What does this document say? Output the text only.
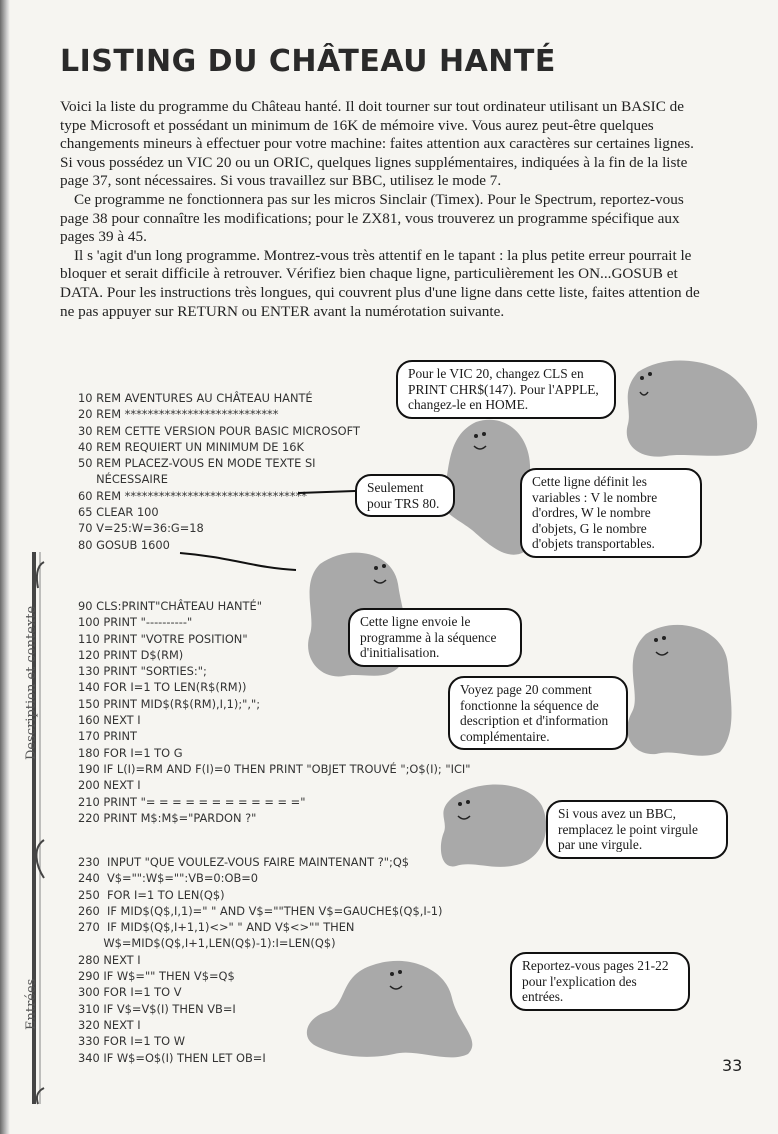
LISTING DU CHÂTEAU HANTÉ

Voici la liste du programme du Château hanté. Il doit tourner sur tout ordinateur utilisant un BASIC de type Microsoft et possédant un minimum de 16K de mémoire vive. Vous aurez peut-être quelques changements mineurs à effectuer pour votre machine: faites attention aux caractères sur certaines lignes. Si vous possédez un VIC 20 ou un ORIC, quelques lignes supplémentaires, indiquées à la fin de la liste page 37, sont nécessaires. Si vous travaillez sur BBC, utilisez le mode 7.

Ce programme ne fonctionnera pas sur les micros Sinclair (Timex). Pour le Spectrum, reportez-vous page 38 pour connaître les modifications; pour le ZX81, vous trouverez un programme spécifique aux pages 39 à 45.

Il s 'agit d'un long programme. Montrez-vous très attentif en le tapant : la plus petite erreur pourrait le bloquer et serait difficile à retrouver. Vérifiez bien chaque ligne, particulièrement les ON...GOSUB et DATA. Pour les instructions très longues, qui couvrent plus d'une ligne dans cette liste, faites attention de ne pas appuyer sur RETURN ou ENTER avant la numérotation suivante.

Description et contexte
Entrées
10 REM AVENTURES AU CHÂTEAU HANTÉ
20 REM ***************************
30 REM CETTE VERSION POUR BASIC MICROSOFT
40 REM REQUIERT UN MINIMUM DE 16K
50 REM PLACEZ-VOUS EN MODE TEXTE SI
NÉCESSAIRE
60 REM ********************************
65 CLEAR 100
70 V=25:W=36:G=18
80 GOSUB 1600
90 CLS:PRINT"CHÂTEAU HANTÉ"
100 PRINT "----------"
110 PRINT "VOTRE POSITION"
120 PRINT D$(RM)
130 PRINT "SORTIES:";
140 FOR I=1 TO LEN(R$(RM))
150 PRINT MID$(R$(RM),I,1);",";
160 NEXT I
170 PRINT
180 FOR I=1 TO G
190 IF L(I)=RM AND F(I)=0 THEN PRINT "OBJET TROUVÉ ";O$(I); "ICI"
200 NEXT I
210 PRINT "= = = = = = = = = = = ="
220 PRINT M$:M$="PARDON ?"
230  INPUT "QUE VOULEZ-VOUS FAIRE MAINTENANT ?";Q$
240  V$="":W$="":VB=0:OB=0
250  FOR I=1 TO LEN(Q$)
260  IF MID$(Q$,I,1)=" " AND V$=""THEN V$=GAUCHE$(Q$,I-1)
270  IF MID$(Q$,I+1,1)<>" " AND V$<>"" THEN
W$=MID$(Q$,I+1,LEN(Q$)-1):I=LEN(Q$)
280 NEXT I
290 IF W$="" THEN V$=Q$
300 FOR I=1 TO V
310 IF V$=V$(I) THEN VB=I
320 NEXT I
330 FOR I=1 TO W
340 IF W$=O$(I) THEN LET OB=I
Pour le VIC 20, changez CLS en PRINT CHR$(147). Pour l'APPLE, changez-le en HOME.
Seulement pour TRS 80.
Cette ligne définit les variables : V le nombre d'ordres, W le nombre d'objets, G le nombre d'objets transportables.
Cette ligne envoie le programme à la séquence d'initialisation.
Voyez page 20 comment fonctionne la séquence de description et d'information complémentaire.
Si vous avez un BBC, remplacez le point virgule par une virgule.
Reportez-vous pages 21-22 pour l'explication des entrées.
33
